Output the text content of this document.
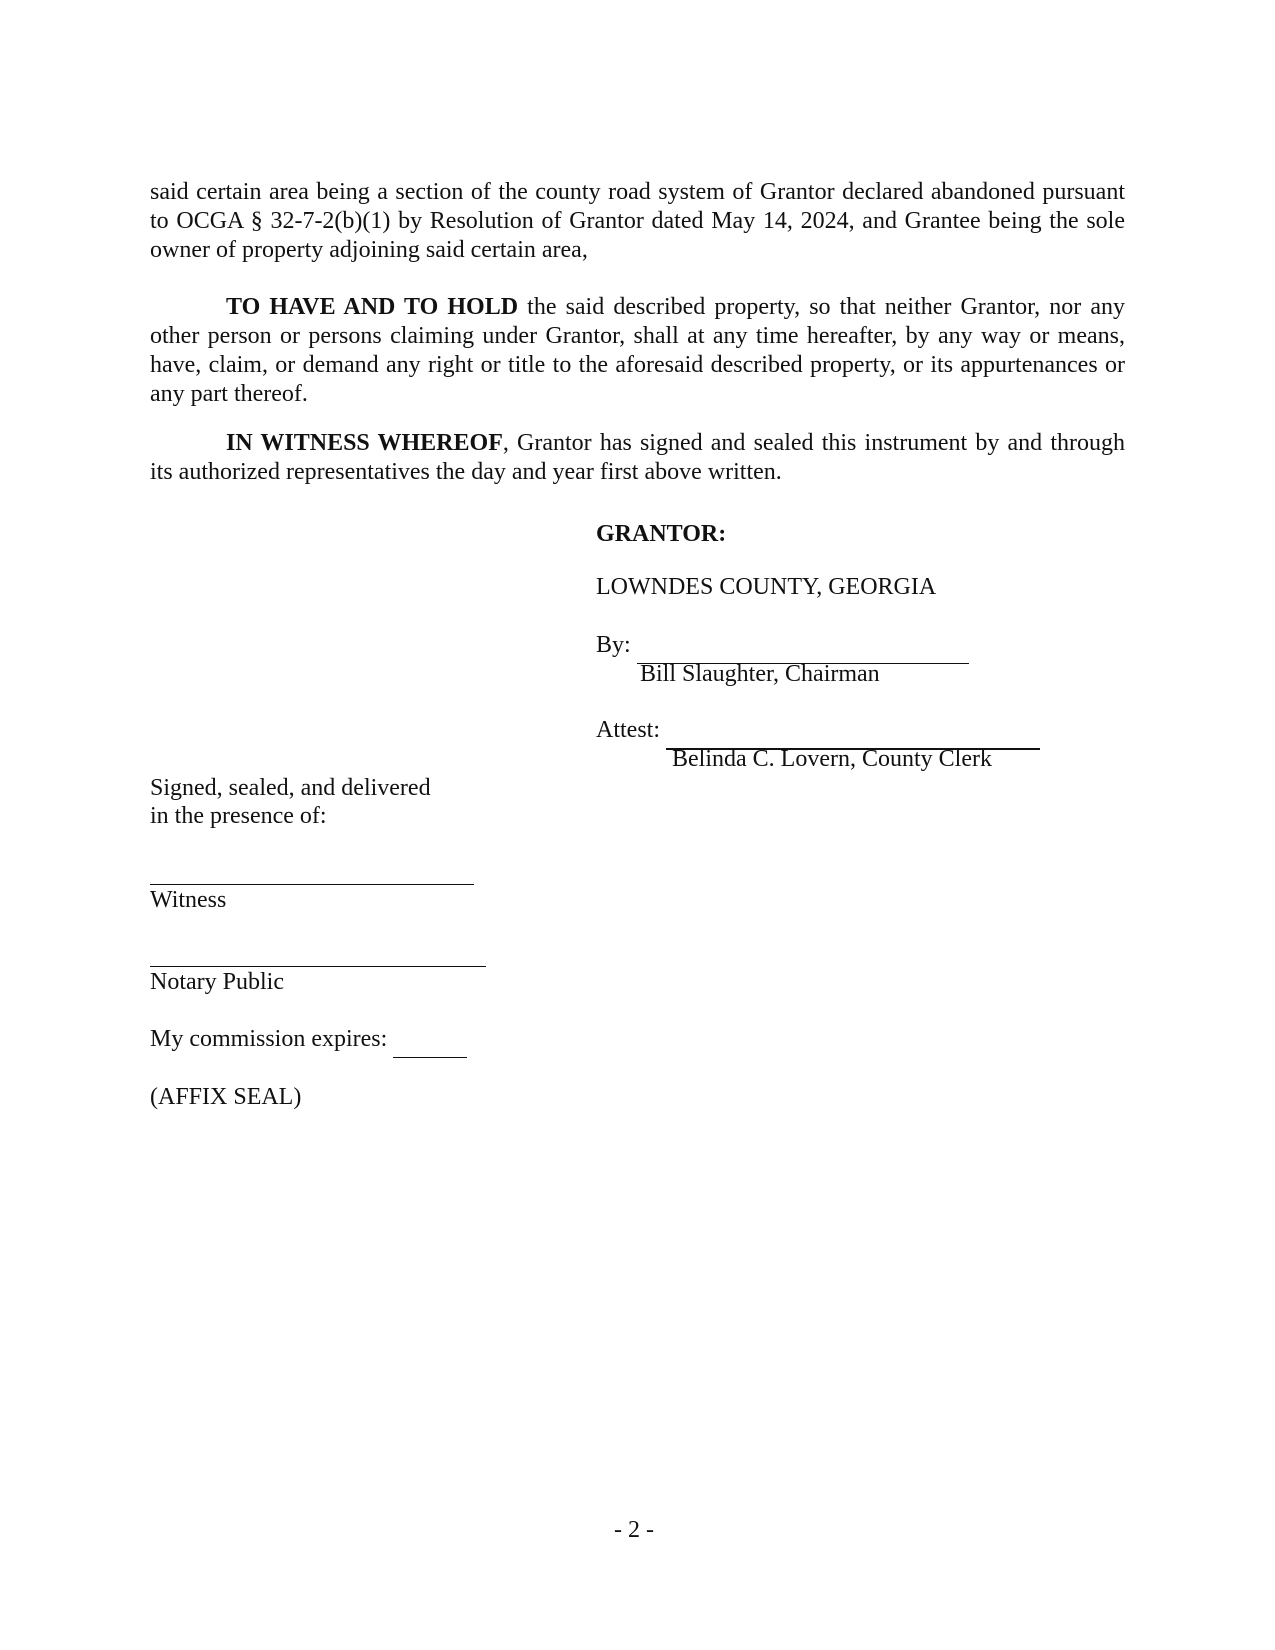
said certain area being a section of the county road system of Grantor declared abandoned pursuant to OCGA § 32-7-2(b)(1) by Resolution of Grantor dated May 14, 2024, and Grantee being the sole owner of property adjoining said certain area,

TO HAVE AND TO HOLD the said described property, so that neither Grantor, nor any other person or persons claiming under Grantor, shall at any time hereafter, by any way or means, have, claim, or demand any right or title to the aforesaid described property, or its appurtenances or any part thereof.

IN WITNESS WHEREOF, Grantor has signed and sealed this instrument by and through its authorized representatives the day and year first above written.

GRANTOR:

LOWNDES COUNTY, GEORGIA

By:

Bill Slaughter, Chairman

Attest:

Belinda C. Lovern, County Clerk

Signed, sealed, and delivered

in the presence of:

Witness

Notary Public

My commission expires:

(AFFIX SEAL)

- 2 -
